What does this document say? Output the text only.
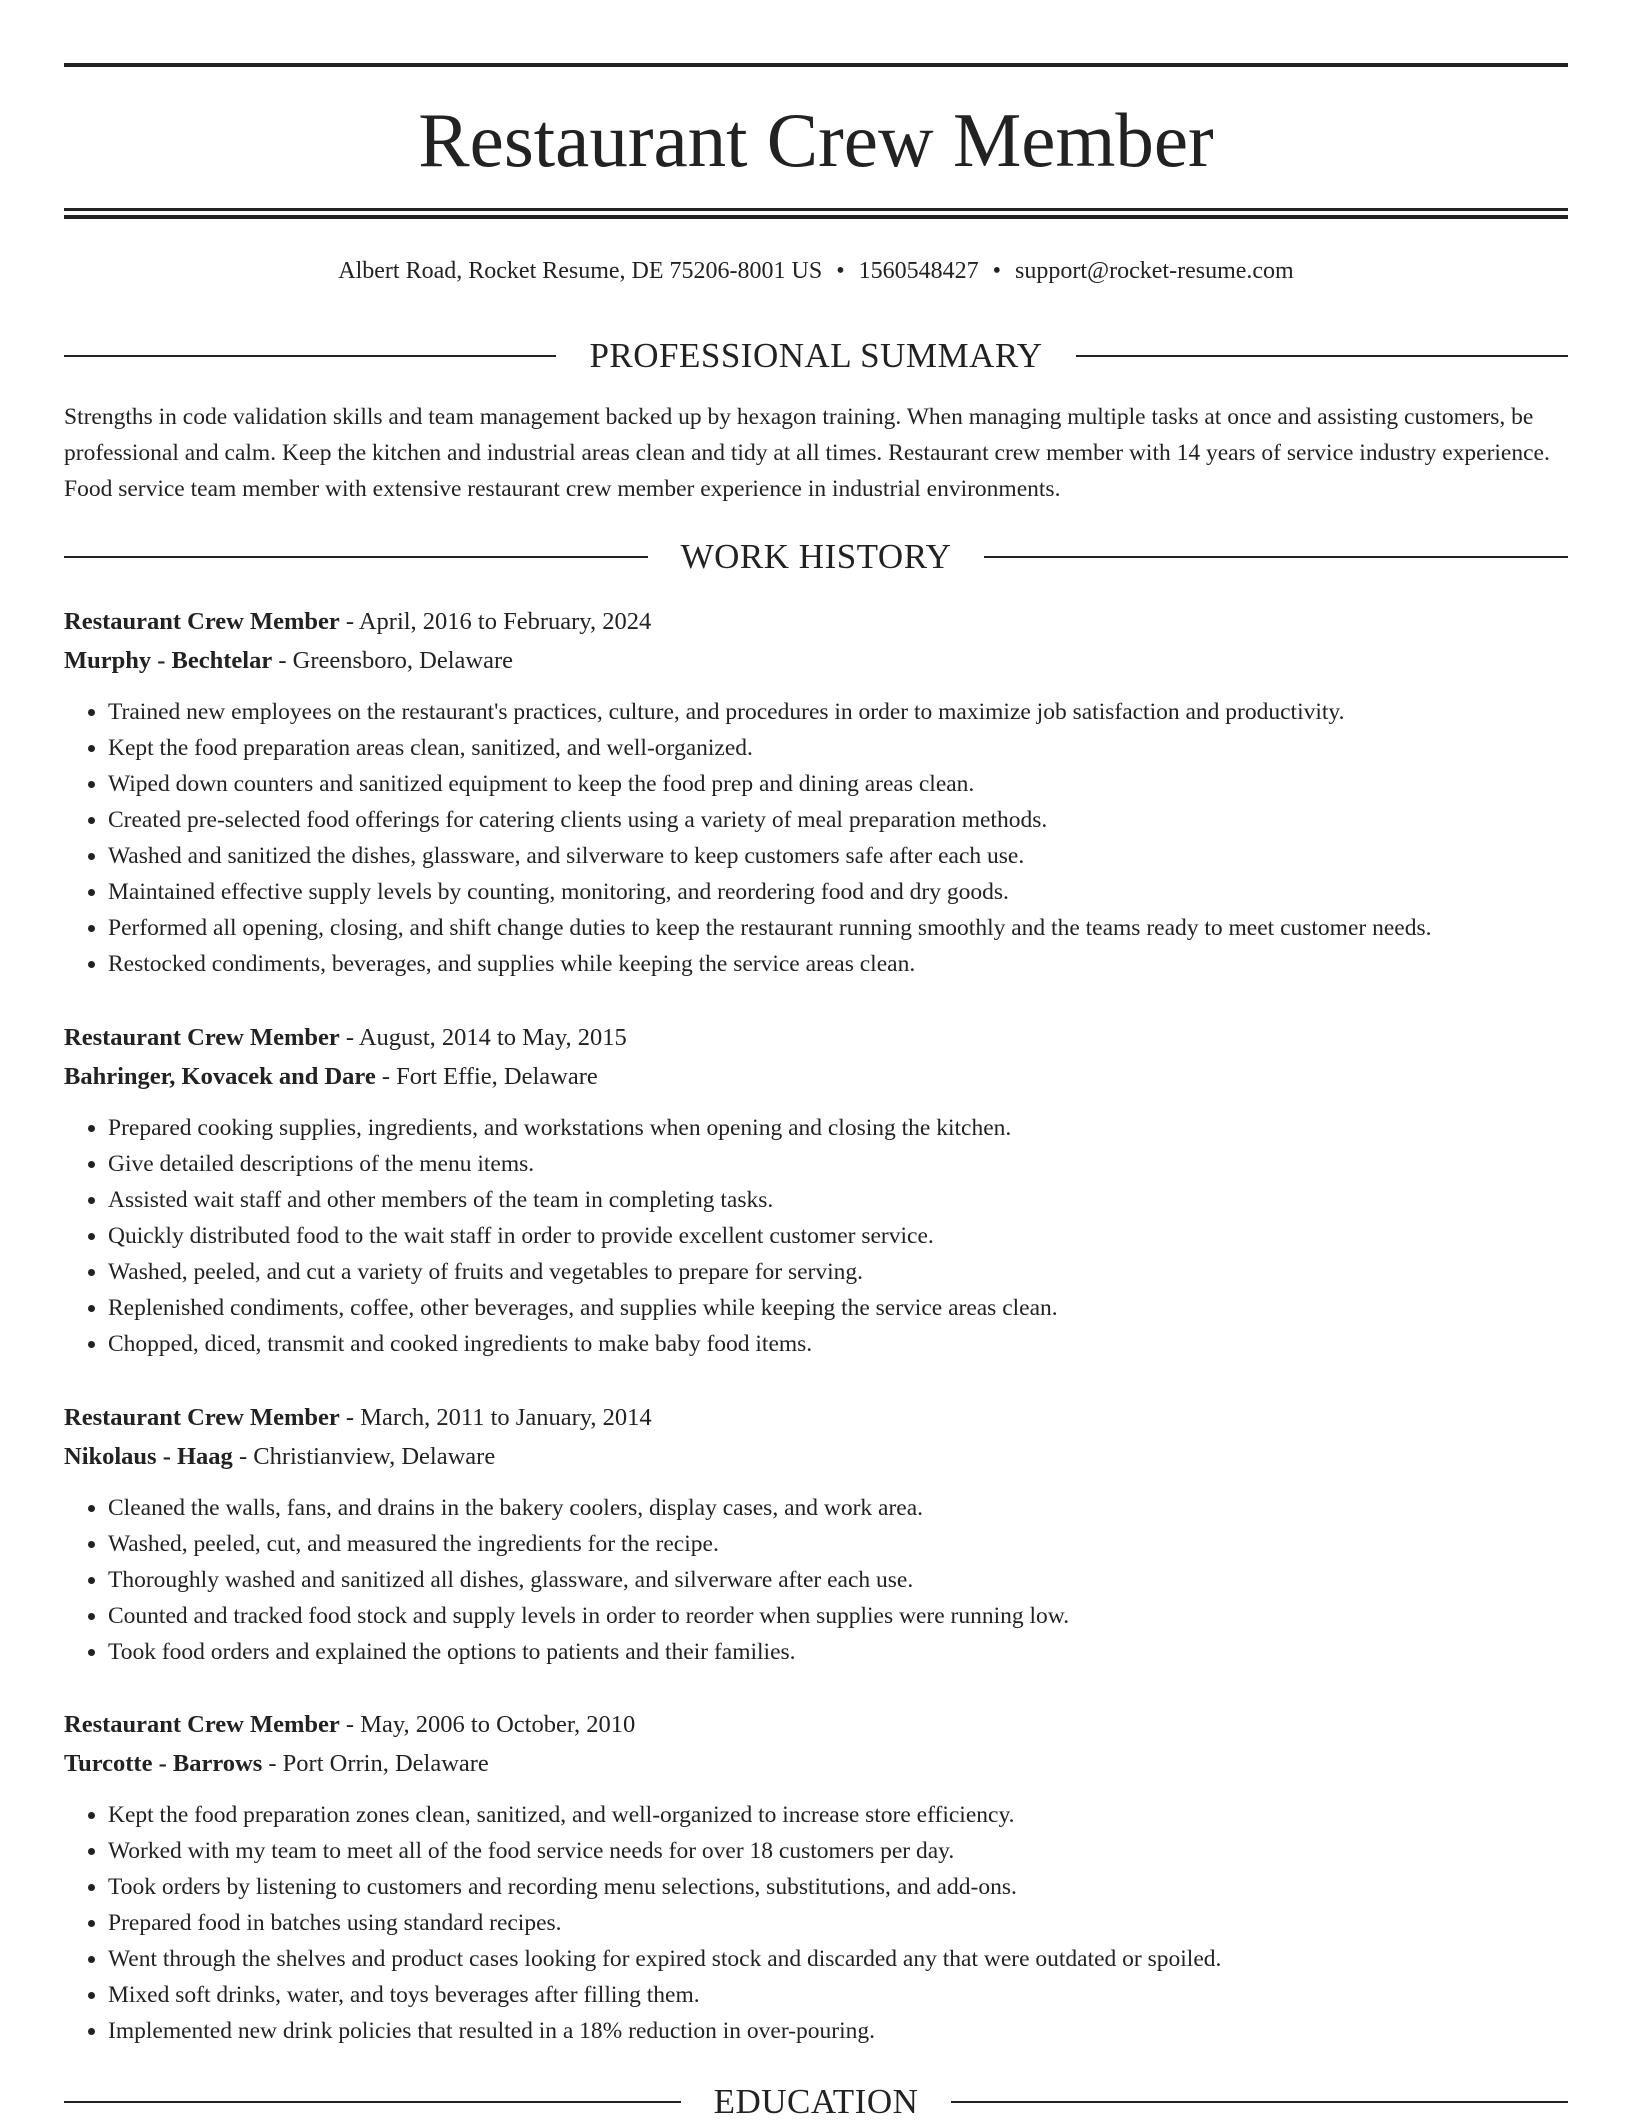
Restaurant Crew Member
Albert Road, Rocket Resume, DE 75206-8001 US • 1560548427 • support@rocket-resume.com
PROFESSIONAL SUMMARY

Strengths in code validation skills and team management backed up by hexagon training. When managing multiple tasks at once and assisting customers, be professional and calm. Keep the kitchen and industrial areas clean and tidy at all times. Restaurant crew member with 14 years of service industry experience. Food service team member with extensive restaurant crew member experience in industrial environments.

WORK HISTORY
Restaurant Crew Member - April, 2016 to February, 2024
Murphy - Bechtelar - Greensboro, Delaware
• Trained new employees on the restaurant's practices, culture, and procedures in order to maximize job satisfaction and productivity.
• Kept the food preparation areas clean, sanitized, and well-organized.
• Wiped down counters and sanitized equipment to keep the food prep and dining areas clean.
• Created pre-selected food offerings for catering clients using a variety of meal preparation methods.
• Washed and sanitized the dishes, glassware, and silverware to keep customers safe after each use.
• Maintained effective supply levels by counting, monitoring, and reordering food and dry goods.
• Performed all opening, closing, and shift change duties to keep the restaurant running smoothly and the teams ready to meet customer needs.
• Restocked condiments, beverages, and supplies while keeping the service areas clean.
Restaurant Crew Member - August, 2014 to May, 2015
Bahringer, Kovacek and Dare - Fort Effie, Delaware
• Prepared cooking supplies, ingredients, and workstations when opening and closing the kitchen.
• Give detailed descriptions of the menu items.
• Assisted wait staff and other members of the team in completing tasks.
• Quickly distributed food to the wait staff in order to provide excellent customer service.
• Washed, peeled, and cut a variety of fruits and vegetables to prepare for serving.
• Replenished condiments, coffee, other beverages, and supplies while keeping the service areas clean.
• Chopped, diced, transmit and cooked ingredients to make baby food items.
Restaurant Crew Member - March, 2011 to January, 2014
Nikolaus - Haag - Christianview, Delaware
• Cleaned the walls, fans, and drains in the bakery coolers, display cases, and work area.
• Washed, peeled, cut, and measured the ingredients for the recipe.
• Thoroughly washed and sanitized all dishes, glassware, and silverware after each use.
• Counted and tracked food stock and supply levels in order to reorder when supplies were running low.
• Took food orders and explained the options to patients and their families.
Restaurant Crew Member - May, 2006 to October, 2010
Turcotte - Barrows - Port Orrin, Delaware
• Kept the food preparation zones clean, sanitized, and well-organized to increase store efficiency.
• Worked with my team to meet all of the food service needs for over 18 customers per day.
• Took orders by listening to customers and recording menu selections, substitutions, and add-ons.
• Prepared food in batches using standard recipes.
• Went through the shelves and product cases looking for expired stock and discarded any that were outdated or spoiled.
• Mixed soft drinks, water, and toys beverages after filling them.
• Implemented new drink policies that resulted in a 18% reduction in over-pouring.
EDUCATION
